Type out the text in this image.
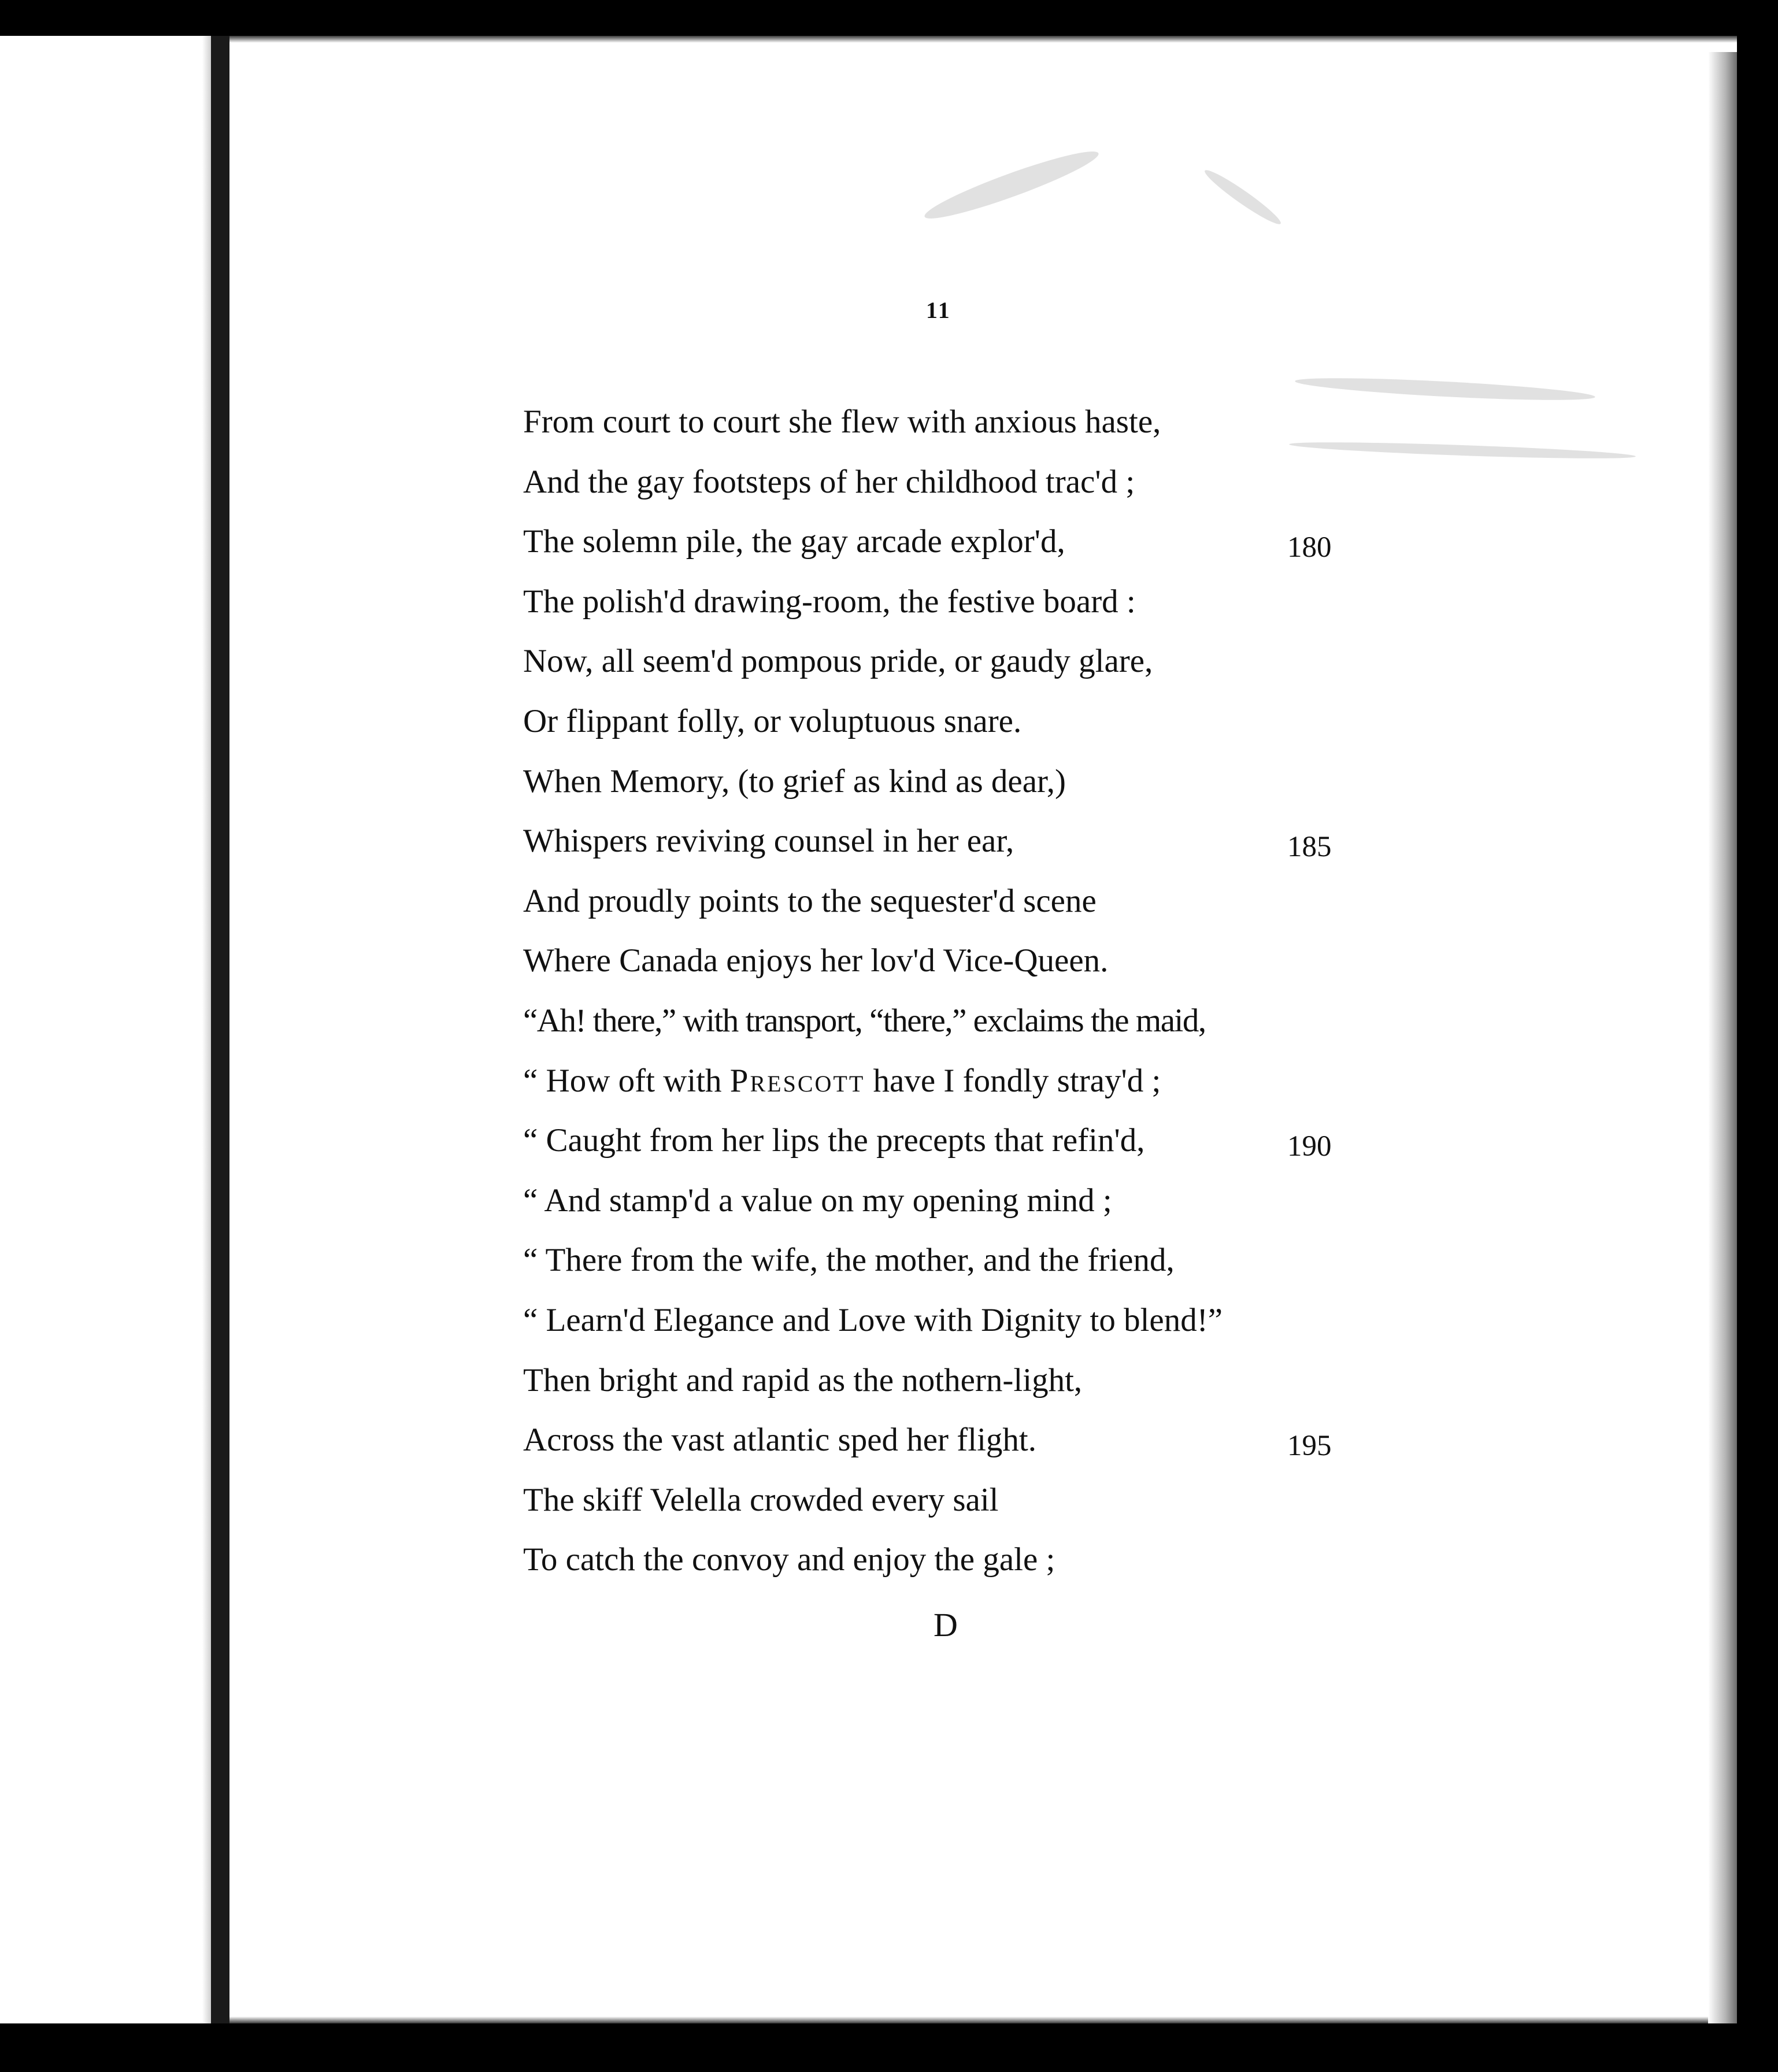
11
From court to court she flew with anxious haste,
And the gay footsteps of her childhood trac'd ;
The solemn pile, the gay arcade explor'd,	180
The polish'd drawing-room, the festive board :
Now, all seem'd pompous pride, or gaudy glare,
Or flippant folly, or voluptuous snare.
When Memory, (to grief as kind as dear,)
Whispers reviving counsel in her ear,	185
And proudly points to the sequester'd scene
Where Canada enjoys her lov'd Vice-Queen.
“Ah! there,” with transport, “there,” exclaims the maid,
“ How oft with Prescott have I fondly stray'd ;
“ Caught from her lips the precepts that refin'd,	190
“ And stamp'd a value on my opening mind ;
“ There from the wife, the mother, and the friend,
“ Learn'd Elegance and Love with Dignity to blend!”
Then bright and rapid as the nothern-light,
Across the vast atlantic sped her flight.	195
The skiff Velella crowded every sail
To catch the convoy and enjoy the gale ;
D
